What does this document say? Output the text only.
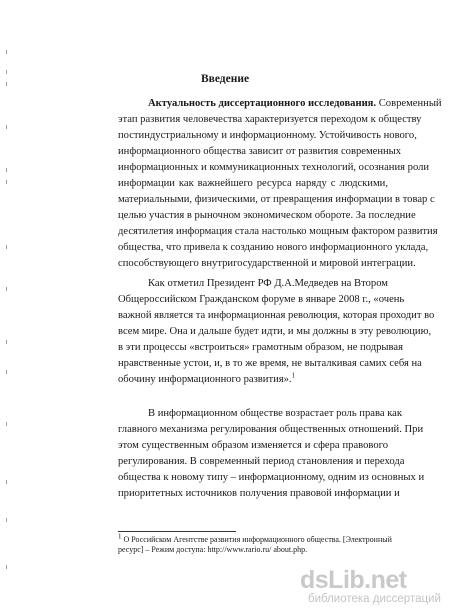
Введение
Актуальность диссертационного исследования. Современный
этап развития человечества характеризуется переходом к обществу
постиндустриальному и информационному. Устойчивость нового,
информационного общества зависит от развития современных
информационных и коммуникационных технологий, осознания роли
информации как важнейшего ресурса наряду с людскими,
материальными, физическими, от превращения информации в товар с
целью участия в рыночном экономическом обороте. За последние
десятилетия информация стала настолько мощным фактором развития
общества, что привела к созданию нового информационного уклада,
способствующего внутригосударственной и мировой интеграции.
Как отметил Президент РФ Д.А.Медведев на Втором
Общероссийском Гражданском форуме в январе 2008 г., «очень
важной является та информационная революция, которая проходит во
всем мире. Она и дальше будет идти, и мы должны в эту революцию,
в эти процессы «встроиться» грамотным образом, не подрывая
нравственные устои, и, в то же время, не выталкивая самих себя на
обочину информационного развития».$^1$
В информационном обществе возрастает роль права как
главного механизма регулирования общественных отношений. При
этом существенным образом изменяется и сфера правового
регулирования. В современный период становления и перехода
общества к новому типу – информационному, одним из основных и
приоритетных источников получения правовой информации и
$^1$ О Российском Агентстве развития информационного общества. [Электронный ресурс] – Режим доступа: http://www.rario.ru/ about.php.
dsLib.net
библиотека диссертаций
